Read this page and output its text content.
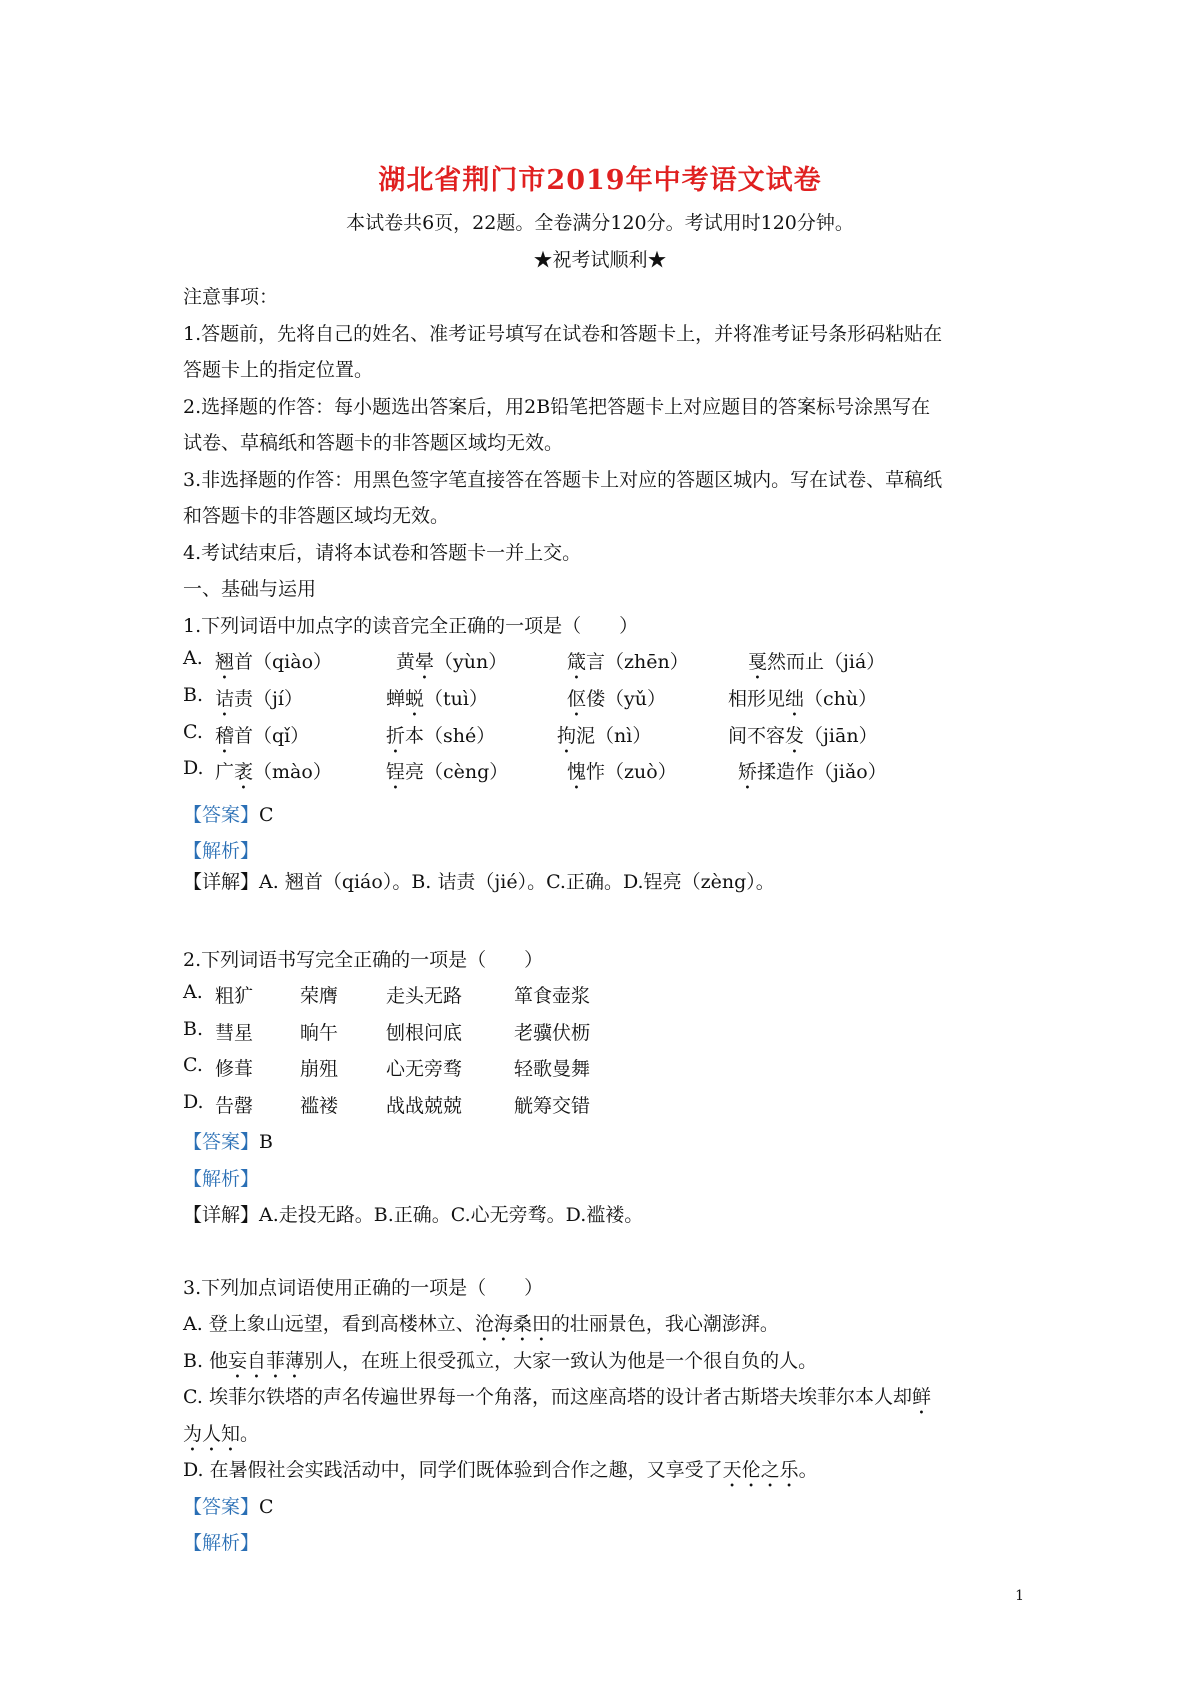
湖北省荆门市2019年中考语文试卷
本试卷共6页，22题。全卷满分120分。考试用时120分钟。
★祝考试顺利★
注意事项：
1.答题前，先将自己的姓名、准考证号填写在试卷和答题卡上，并将准考证号条形码粘贴在
答题卡上的指定位置。
2.选择题的作答：每小题选出答案后，用2B铅笔把答题卡上对应题目的答案标号涂黑写在
试卷、草稿纸和答题卡的非答题区域均无效。
3.非选择题的作答：用黑色签字笔直接答在答题卡上对应的答题区城内。写在试卷、草稿纸
和答题卡的非答题区域均无效。
4.考试结束后，请将本试卷和答题卡一并上交。
一、基础与运用
1.下列词语中加点字的读音完全正确的一项是（　　）
A. 翘首（qiào）	黄晕（yùn）	箴言（zhēn）	戛然而止（jiá）
B. 诘责（jí）	蝉蜕（tuì）	伛偻（yǔ）	相形见绌（chù）
C. 稽首（qǐ）	折本（shé）	拘泥（nì）	间不容发（jiān）
D. 广袤（mào）	锃亮（cèng）	愧怍（zuò）	矫揉造作（jiǎo）
【答案】C
【解析】
【详解】A. 翘首（qiáo）。B. 诘责（jié）。C.正确。D.锃亮（zèng）。
2.下列词语书写完全正确的一项是（　　）
A. 粗犷 荣膺	走头无路	箪食壶浆
B. 彗星 晌午	刨根问底	老骥伏枥
C. 修葺 崩殂	心无旁骛	轻歌曼舞
D. 告罄 褴褛	战战兢兢	觥筹交错
【答案】B
【解析】
【详解】A.走投无路。B.正确。C.心无旁骛。D.褴褛。
3.下列加点词语使用正确的一项是（　　）
A. 登上象山远望，看到高楼林立、沧海桑田的壮丽景色，我心潮澎湃。
B. 他妄自菲薄别人，在班上很受孤立，大家一致认为他是一个很自负的人。
C. 埃菲尔铁塔的声名传遍世界每一个角落，而这座高塔的设计者古斯塔夫埃菲尔本人却鲜
为人知。
D. 在暑假社会实践活动中，同学们既体验到合作之趣，又享受了天伦之乐。
【答案】C
【解析】
1
